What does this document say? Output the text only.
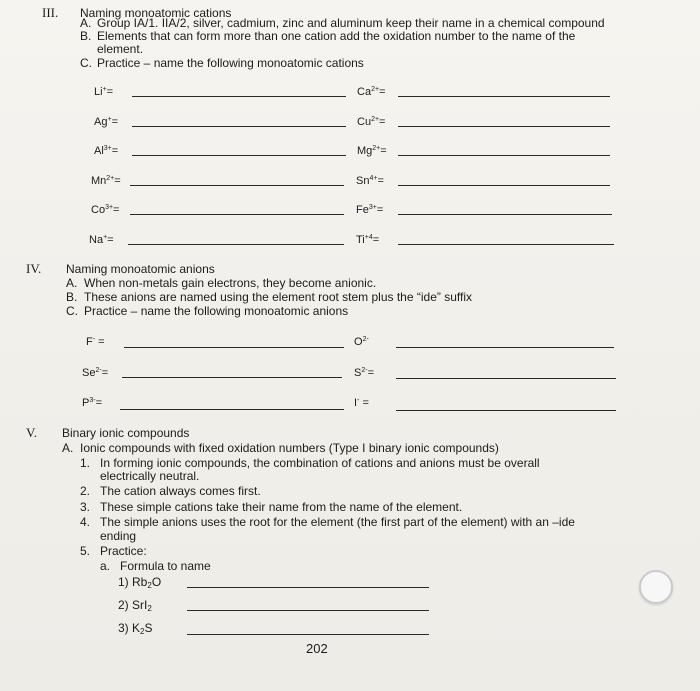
III. Naming monoatomic cations
A. Group IA/1. IIA/2, silver, cadmium, zinc and aluminum keep their name in a chemical compound
B. Elements that can form more than one cation add the oxidation number to the name of the
element.
C. Practice – name the following monoatomic cations
Li+=	$Ca^{2+}=$
Ag+=	$Cu^{2+}=$
$Al^{3+}=$	$Mg^{2+}=$
$Mn^{2+}=$	$Sn^{4+}=$
$Co^{3+}=$	$Fe^{3+}=$
Na+=	$Ti^{+4}=$
IV. Naming monoatomic anions
A. When non-metals gain electrons, they become anionic.
B. These anions are named using the element root stem plus the “ide” suffix
C. Practice – name the following monoatomic anions
F- =	$O^{2-}$
$Se^{2-}=$	$S^{2-}=$
$P^{3-}=$	I- =
V. Binary ionic compounds
A. Ionic compounds with fixed oxidation numbers (Type I binary ionic compounds)
1. In forming ionic compounds, the combination of cations and anions must be overall
electrically neutral.
2. The cation always comes first.
3. These simple cations take their name from the name of the element.
4. The simple anions uses the root for the element (the first part of the element) with an –ide
ending
5. Practice:
a. Formula to name
1) $Rb_2O$
2) SrI$_2$
3) $K_2S$
202
